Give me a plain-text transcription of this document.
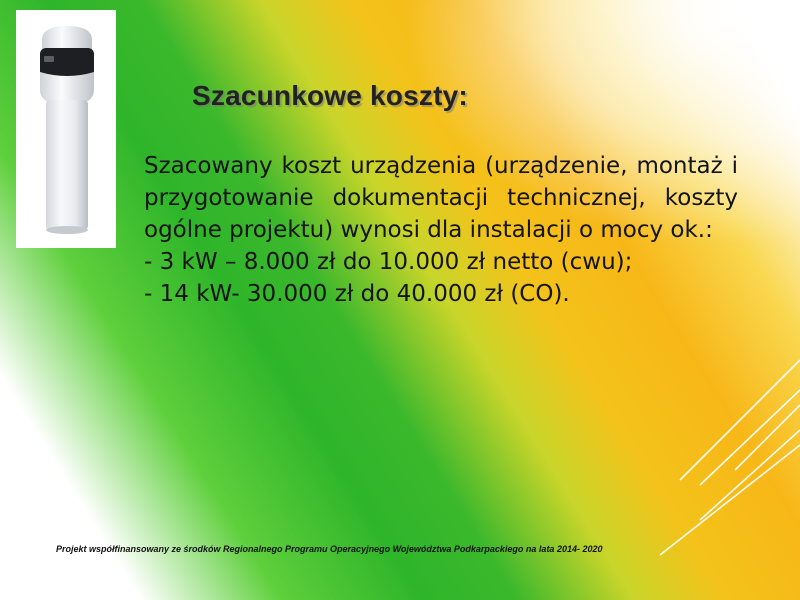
Szacunkowe koszty:
Szacowany koszt urządzenia (urządzenie, montaż i przygotowanie dokumentacji technicznej, koszty ogólne projektu) wynosi dla instalacji o mocy ok.:
- 3 kW – 8.000 zł do 10.000 zł netto (cwu);
- 14 kW- 30.000 zł do 40.000 zł (CO).
Projekt współfinansowany ze środków Regionalnego Programu Operacyjnego Województwa Podkarpackiego na lata 2014- 2020
